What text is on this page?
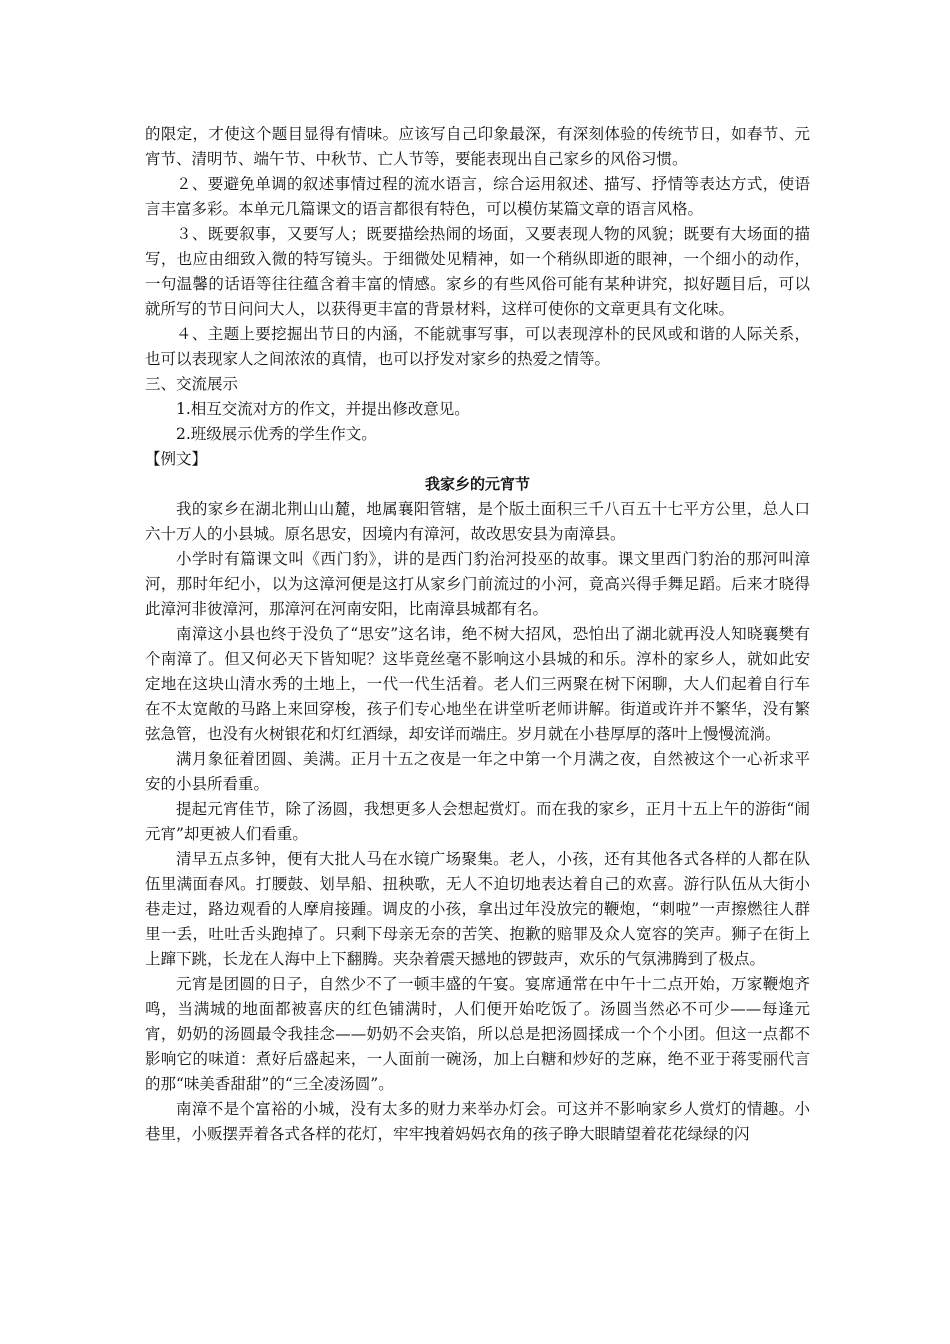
的限定，才使这个题目显得有情味。应该写自己印象最深，有深刻体验的传统节日，如春节、元宵节、清明节、端午节、中秋节、亡人节等，要能表现出自己家乡的风俗习惯。

２、要避免单调的叙述事情过程的流水语言，综合运用叙述、描写、抒情等表达方式，使语言丰富多彩。本单元几篇课文的语言都很有特色，可以模仿某篇文章的语言风格。

３、既要叙事，又要写人；既要描绘热闹的场面，又要表现人物的风貌；既要有大场面的描写，也应由细致入微的特写镜头。于细微处见精神，如一个稍纵即逝的眼神，一个细小的动作，一句温馨的话语等往往蕴含着丰富的情感。家乡的有些风俗可能有某种讲究，拟好题目后，可以就所写的节日问问大人，以获得更丰富的背景材料，这样可使你的文章更具有文化味。

４、主题上要挖掘出节日的内涵，不能就事写事，可以表现淳朴的民风或和谐的人际关系，也可以表现家人之间浓浓的真情，也可以抒发对家乡的热爱之情等。

三、交流展示

1.相互交流对方的作文，并提出修改意见。

2.班级展示优秀的学生作文。

【例文】

我家乡的元宵节

我的家乡在湖北荆山山麓，地属襄阳管辖，是个版土面积三千八百五十七平方公里，总人口六十万人的小县城。原名思安，因境内有漳河，故改思安县为南漳县。

小学时有篇课文叫《西门豹》，讲的是西门豹治河投巫的故事。课文里西门豹治的那河叫漳河，那时年纪小，以为这漳河便是这打从家乡门前流过的小河，竟高兴得手舞足蹈。后来才晓得此漳河非彼漳河，那漳河在河南安阳，比南漳县城都有名。

南漳这小县也终于没负了“思安”这名讳，绝不树大招风，恐怕出了湖北就再没人知晓襄樊有个南漳了。但又何必天下皆知呢？这毕竟丝毫不影响这小县城的和乐。淳朴的家乡人，就如此安定地在这块山清水秀的土地上，一代一代生活着。老人们三两聚在树下闲聊，大人们起着自行车在不太宽敞的马路上来回穿梭，孩子们专心地坐在讲堂听老师讲解。街道或许并不繁华，没有繁弦急管，也没有火树银花和灯红酒绿，却安详而端庄。岁月就在小巷厚厚的落叶上慢慢流淌。

满月象征着团圆、美满。正月十五之夜是一年之中第一个月满之夜，自然被这个一心祈求平安的小县所看重。

提起元宵佳节，除了汤圆，我想更多人会想起赏灯。而在我的家乡，正月十五上午的游街“闹元宵”却更被人们看重。

清早五点多钟，便有大批人马在水镜广场聚集。老人，小孩，还有其他各式各样的人都在队伍里满面春风。打腰鼓、划旱船、扭秧歌，无人不迫切地表达着自己的欢喜。游行队伍从大街小巷走过，路边观看的人摩肩接踵。调皮的小孩，拿出过年没放完的鞭炮，“刺啦”一声擦燃往人群里一丢，吐吐舌头跑掉了。只剩下母亲无奈的苦笑、抱歉的赔罪及众人宽容的笑声。狮子在街上上蹿下跳，长龙在人海中上下翻腾。夹杂着震天撼地的锣鼓声，欢乐的气氛沸腾到了极点。

元宵是团圆的日子，自然少不了一顿丰盛的午宴。宴席通常在中午十二点开始，万家鞭炮齐鸣，当满城的地面都被喜庆的红色铺满时，人们便开始吃饭了。汤圆当然必不可少——每逢元宵，奶奶的汤圆最令我挂念——奶奶不会夹馅，所以总是把汤圆揉成一个个小团。但这一点都不影响它的味道：煮好后盛起来，一人面前一碗汤，加上白糖和炒好的芝麻，绝不亚于蒋雯丽代言的那“味美香甜甜”的“三全凌汤圆”。

南漳不是个富裕的小城，没有太多的财力来举办灯会。可这并不影响家乡人赏灯的情趣。小巷里，小贩摆弄着各式各样的花灯，牢牢拽着妈妈衣角的孩子睁大眼睛望着花花绿绿的闪
